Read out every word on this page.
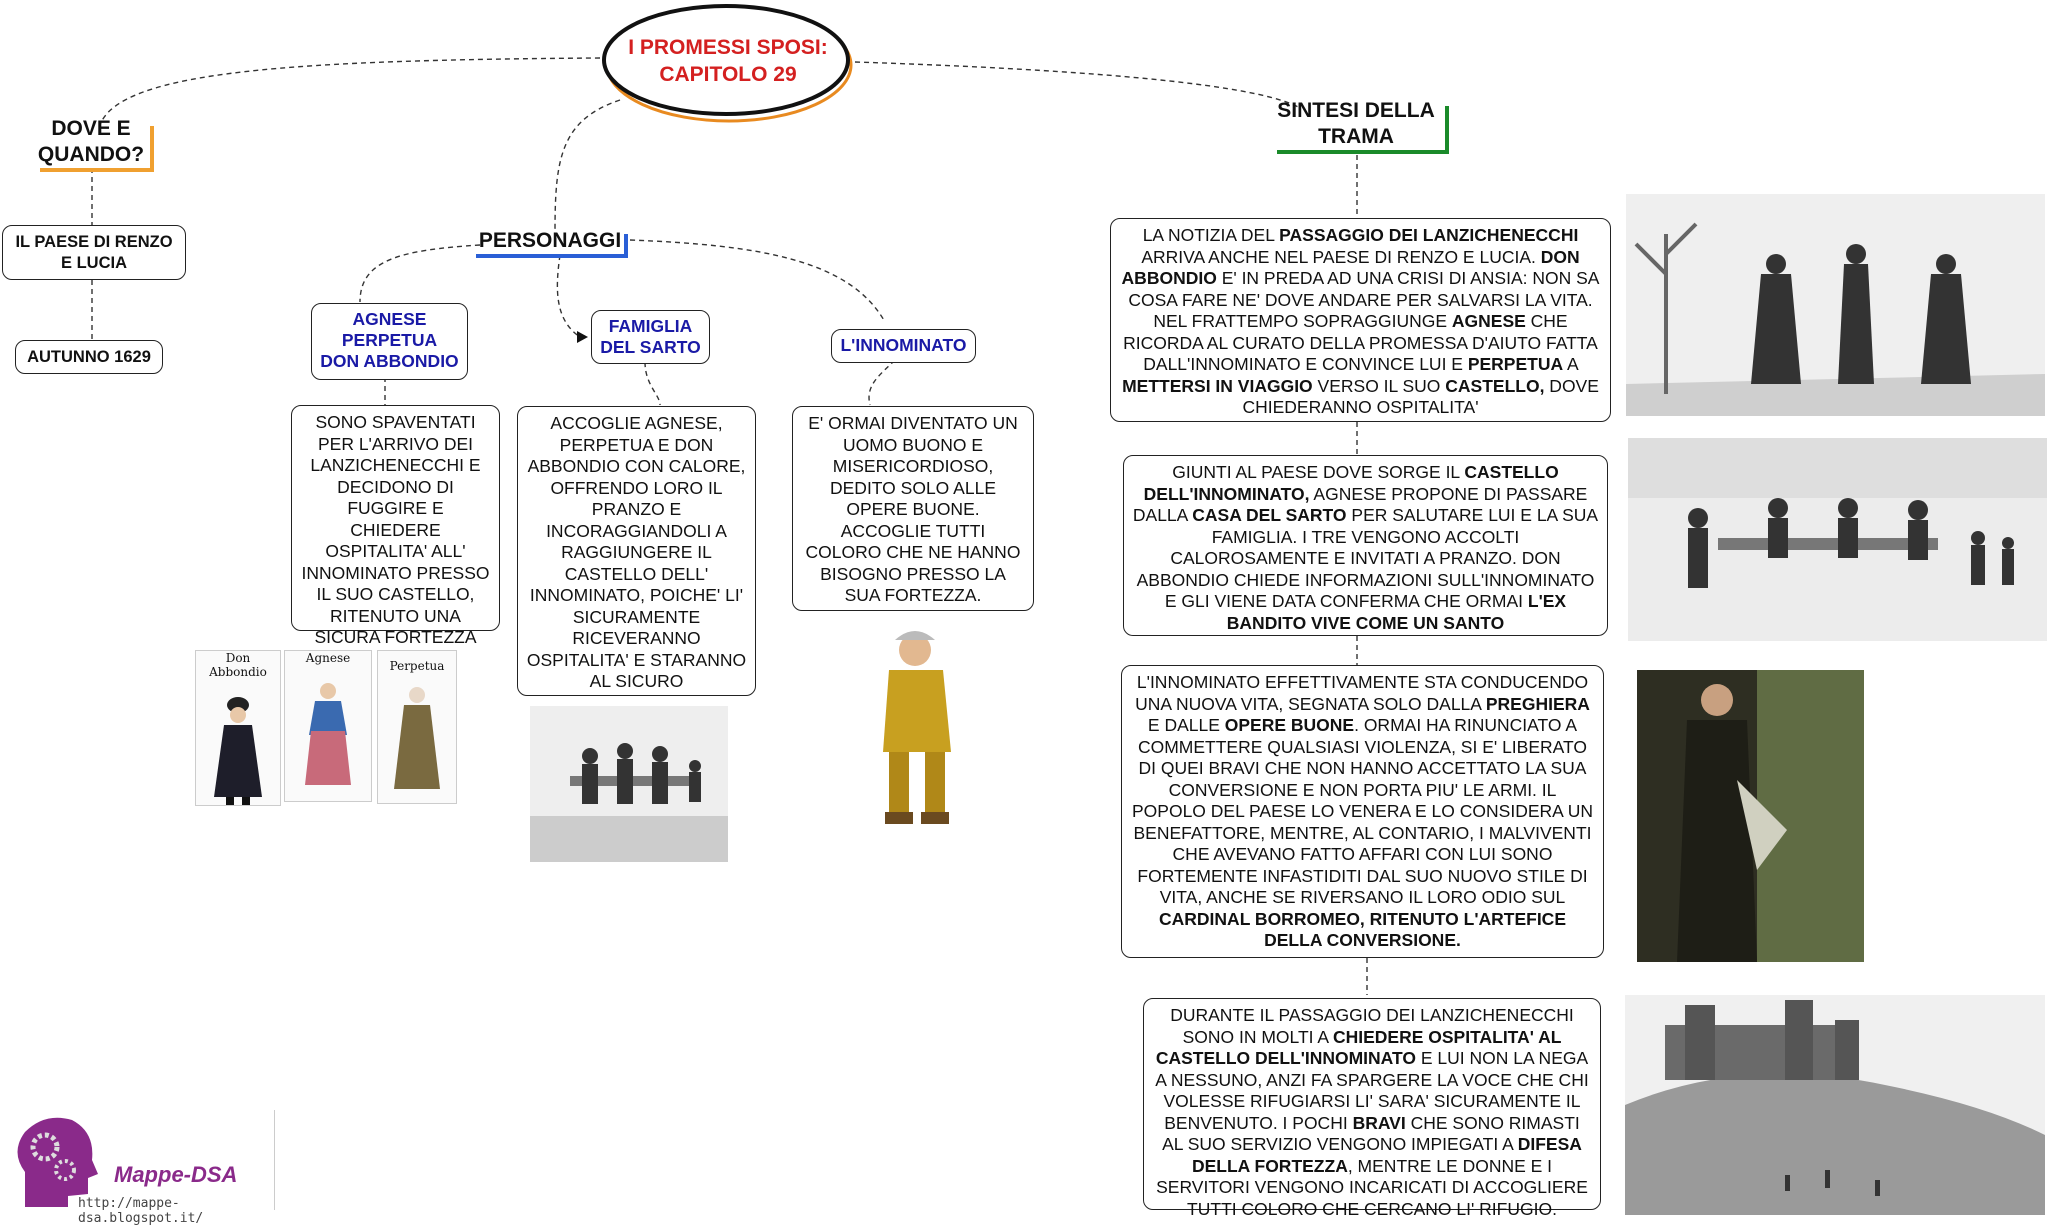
I PROMESSI SPOSI:
CAPITOLO 29
DOVE E
QUANDO?
IL PAESE DI RENZO E LUCIA
AUTUNNO 1629
PERSONAGGI
AGNESE
PERPETUA
DON ABBONDIO
FAMIGLIA
DEL SARTO	L'INNOMINATO
SONO SPAVENTATI PER L'ARRIVO DEI LANZICHENECCHI E DECIDONO DI FUGGIRE E CHIEDERE OSPITALITA' ALL' INNOMINATO PRESSO IL SUO CASTELLO, RITENUTO UNA SICURA FORTEZZA
ACCOGLIE AGNESE, PERPETUA E DON ABBONDIO CON CALORE, OFFRENDO LORO IL PRANZO E INCORAGGIANDOLI A RAGGIUNGERE IL CASTELLO DELL' INNOMINATO, POICHE' LI' SICURAMENTE RICEVERANNO OSPITALITA' E STARANNO AL SICURO
E' ORMAI DIVENTATO UN UOMO BUONO E MISERICORDIOSO, DEDITO SOLO ALLE OPERE BUONE. ACCOGLIE TUTTI COLORO CHE NE HANNO BISOGNO PRESSO LA SUA FORTEZZA.
Don Abbondio
Agnese
Perpetua
SINTESI DELLA
TRAMA
LA NOTIZIA DEL PASSAGGIO DEI LANZICHENECCHI ARRIVA ANCHE NEL PAESE DI RENZO E LUCIA. DON ABBONDIO E' IN PREDA AD UNA CRISI DI ANSIA: NON SA COSA FARE NE' DOVE ANDARE PER SALVARSI LA VITA. NEL FRATTEMPO SOPRAGGIUNGE AGNESE CHE RICORDA AL CURATO DELLA PROMESSA D'AIUTO FATTA DALL'INNOMINATO E CONVINCE LUI E PERPETUA A METTERSI IN VIAGGIO VERSO IL SUO CASTELLO, DOVE CHIEDERANNO OSPITALITA'
GIUNTI AL PAESE DOVE SORGE IL CASTELLO DELL'INNOMINATO, AGNESE PROPONE DI PASSARE DALLA CASA DEL SARTO PER SALUTARE LUI E LA SUA FAMIGLIA. I TRE VENGONO ACCOLTI CALOROSAMENTE E INVITATI A PRANZO. DON ABBONDIO CHIEDE INFORMAZIONI SULL'INNOMINATO E GLI VIENE DATA CONFERMA CHE ORMAI L'EX BANDITO VIVE COME UN SANTO
L'INNOMINATO EFFETTIVAMENTE STA CONDUCENDO UNA NUOVA VITA, SEGNATA SOLO DALLA PREGHIERA E DALLE OPERE BUONE. ORMAI HA RINUNCIATO A COMMETTERE QUALSIASI VIOLENZA, SI E' LIBERATO DI QUEI BRAVI CHE NON HANNO ACCETTATO LA SUA CONVERSIONE E NON PORTA PIU' LE ARMI. IL POPOLO DEL PAESE LO VENERA E LO CONSIDERA UN BENEFATTORE, MENTRE, AL CONTARIO, I MALVIVENTI CHE AVEVANO FATTO AFFARI CON LUI SONO FORTEMENTE INFASTIDITI DAL SUO NUOVO STILE DI VITA, ANCHE SE RIVERSANO IL LORO ODIO SUL CARDINAL BORROMEO, RITENUTO L'ARTEFICE DELLA CONVERSIONE.
DURANTE IL PASSAGGIO DEI LANZICHENECCHI SONO IN MOLTI A CHIEDERE OSPITALITA' AL CASTELLO DELL'INNOMINATO E LUI NON LA NEGA A NESSUNO, ANZI FA SPARGERE LA VOCE CHE CHI VOLESSE RIFUGIARSI LI' SARA' SICURAMENTE IL BENVENUTO. I POCHI BRAVI CHE SONO RIMASTI AL SUO SERVIZIO VENGONO IMPIEGATI A DIFESA DELLA FORTEZZA, MENTRE LE DONNE E I SERVITORI VENGONO INCARICATI DI ACCOGLIERE TUTTI COLORO CHE CERCANO LI' RIFUGIO.
Mappe-DSA
http://mappe-dsa.blogspot.it/
